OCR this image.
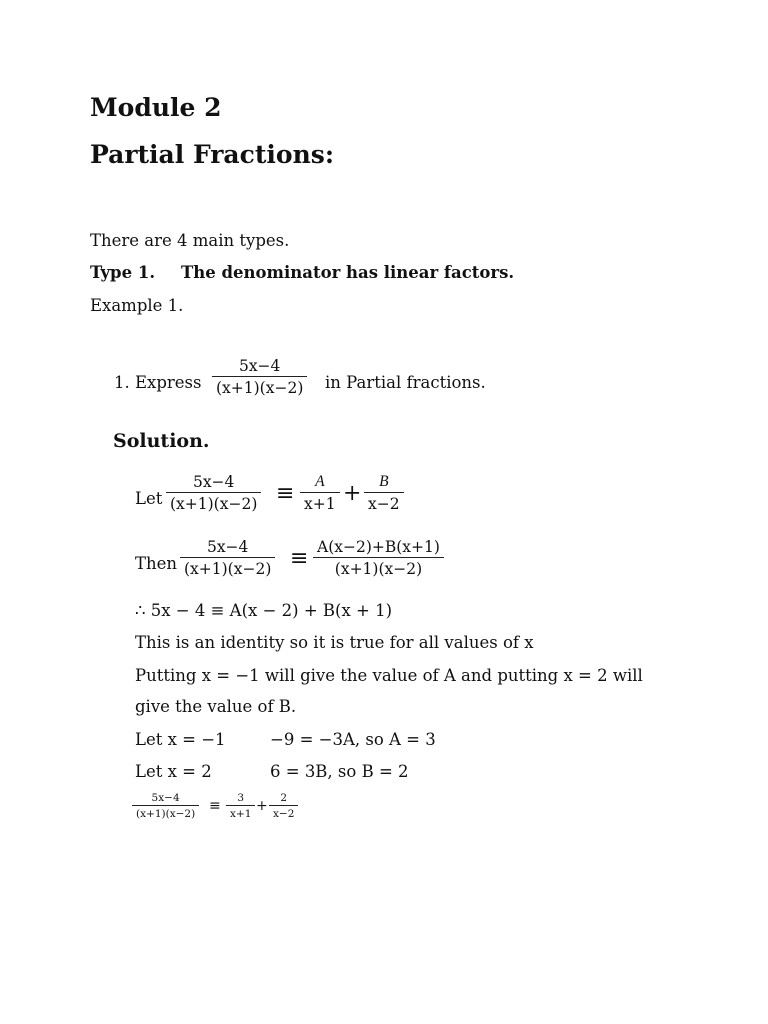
Module 2
Partial Fractions:
There are 4 main types.
Type 1. The denominator has linear factors.
Example 1.
1. Express
5x−4
(x+1)(x−2) in Partial fractions.
Solution.
Let
5x−4
(x+1)(x−2) ≡ A
x+1 + B
x−2
Then
5x−4
(x+1)(x−2) ≡ A(x−2)+B(x+1)
(x+1)(x−2)
∴ 5x − 4 ≡ A(x − 2) + B(x + 1)
This is an identity so it is true for all values of x
Putting x = −1 will give the value of A and putting x = 2 will
give the value of B.
Let x = −1	−9 = −3A, so A = 3
Let x = 2	6 = 3B, so B = 2
5x−4
(x+1)(x−2) ≡	3
x+1 +	2
x−2
